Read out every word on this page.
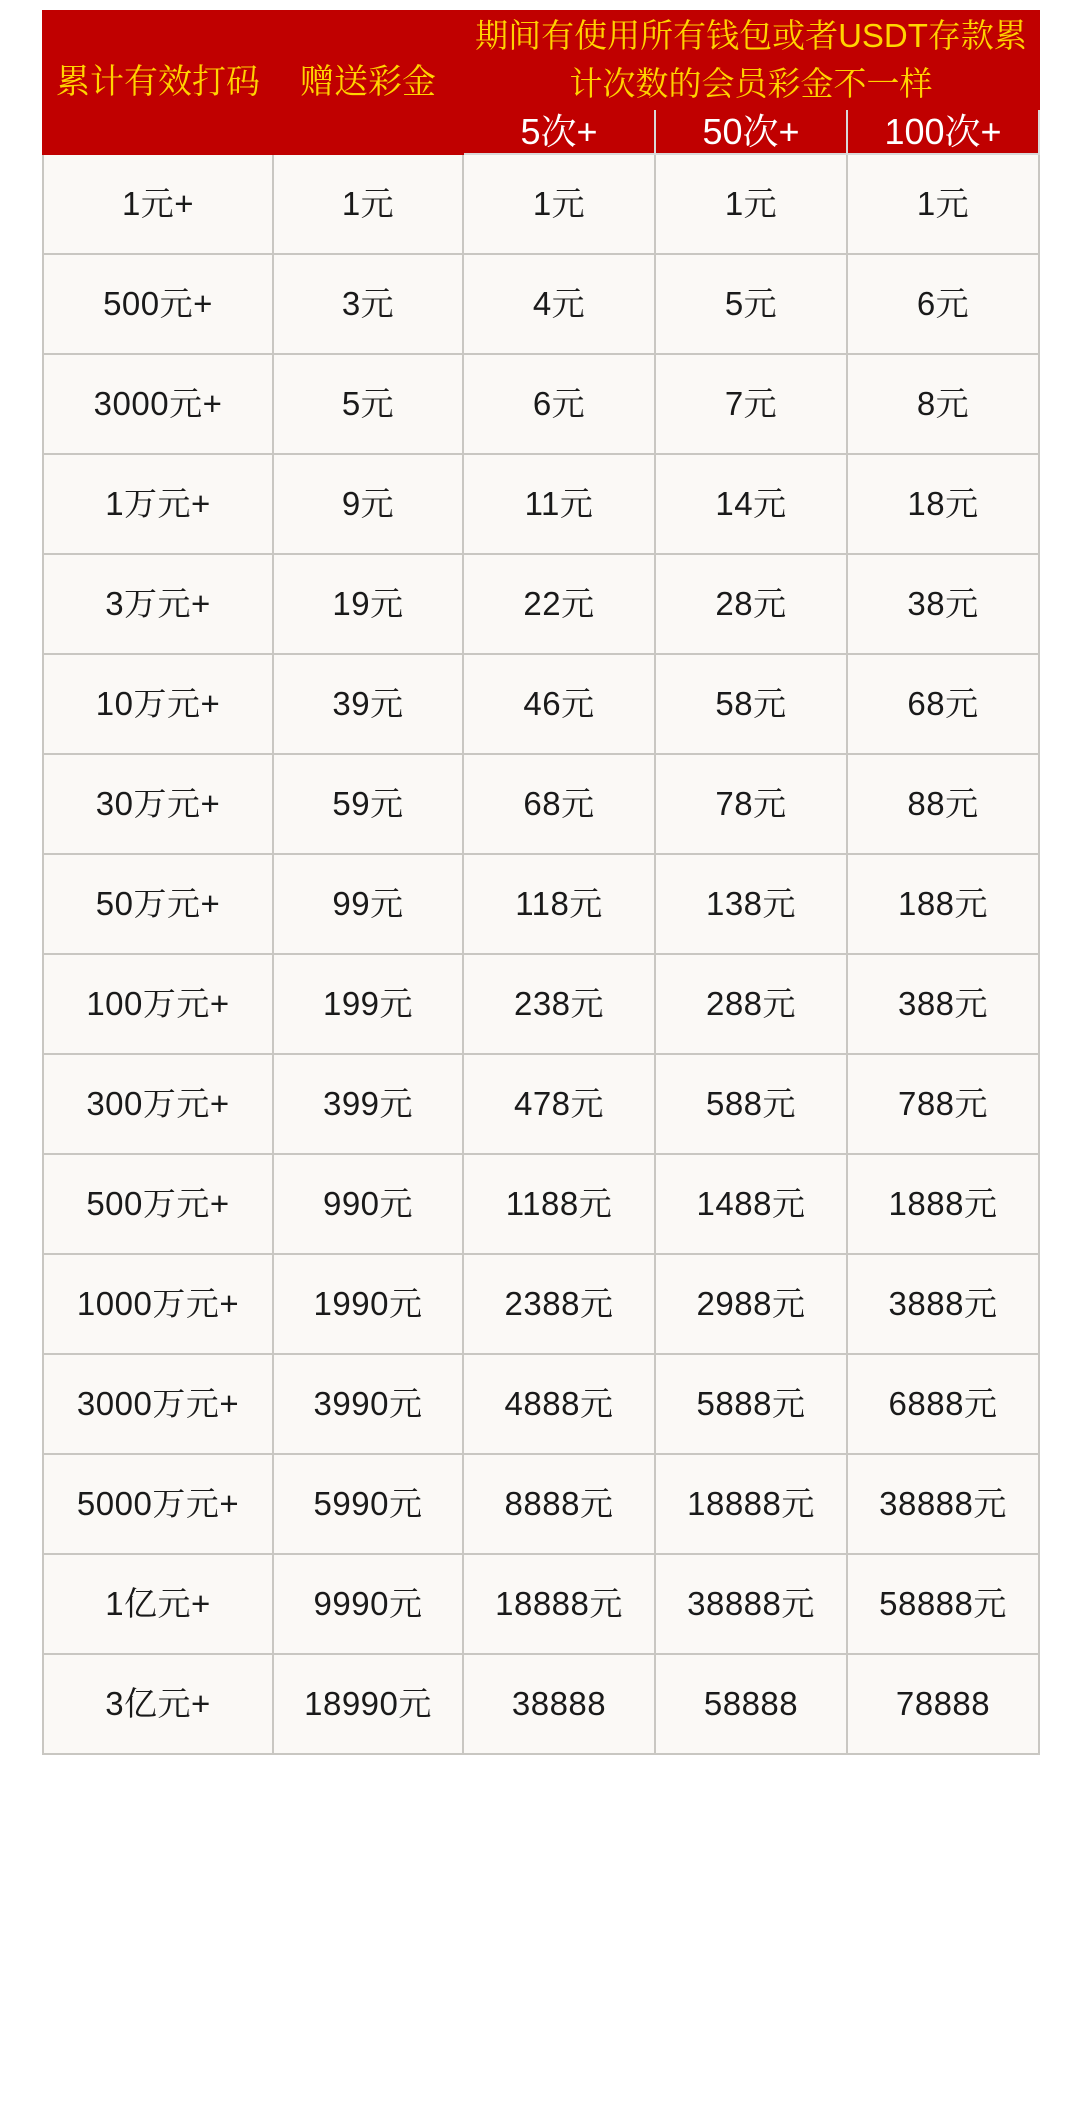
累计有效打码	赠送彩金	期间有使用所有钱包或者USDT存款累计次数的会员彩金不一样		
		5次+	50次+	100次+
1元+	1元	1元	1元	1元
500元+	3元	4元	5元	6元
3000元+	5元	6元	7元	8元
1万元+	9元	11元	14元	18元
3万元+	19元	22元	28元	38元
10万元+	39元	46元	58元	68元
30万元+	59元	68元	78元	88元
50万元+	99元	118元	138元	188元
100万元+	199元	238元	288元	388元
300万元+	399元	478元	588元	788元
500万元+	990元	1188元	1488元	1888元
1000万元+	1990元	2388元	2988元	3888元
3000万元+	3990元	4888元	5888元	6888元
5000万元+	5990元	8888元	18888元	38888元
1亿元+	9990元	18888元	38888元	58888元
3亿元+	18990元	38888	58888	78888
